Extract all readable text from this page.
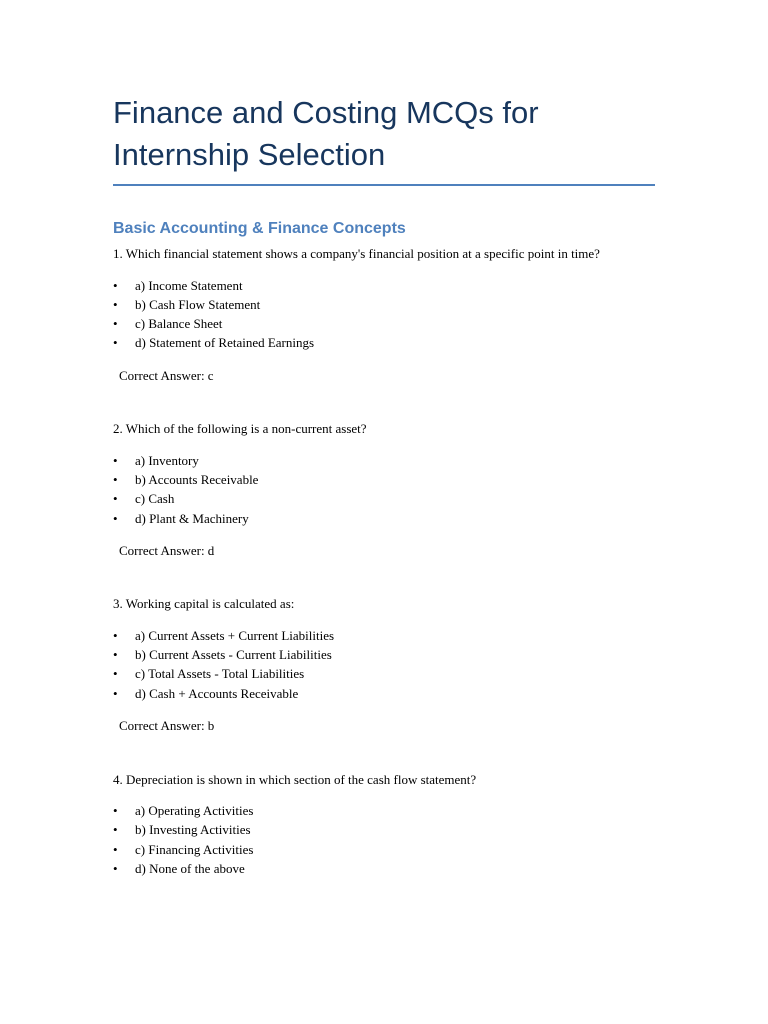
Finance and Costing MCQs for
Internship Selection
Basic Accounting & Finance Concepts

1. Which financial statement shows a company's financial position at a specific point in time?

• a) Income Statement
• b) Cash Flow Statement
• c) Balance Sheet
• d) Statement of Retained Earnings

Correct Answer: c

2. Which of the following is a non-current asset?

• a) Inventory
• b) Accounts Receivable
• c) Cash
• d) Plant & Machinery

Correct Answer: d

3. Working capital is calculated as:

• a) Current Assets + Current Liabilities
• b) Current Assets - Current Liabilities
• c) Total Assets - Total Liabilities
• d) Cash + Accounts Receivable

Correct Answer: b

4. Depreciation is shown in which section of the cash flow statement?

• a) Operating Activities
• b) Investing Activities
• c) Financing Activities
• d) None of the above
